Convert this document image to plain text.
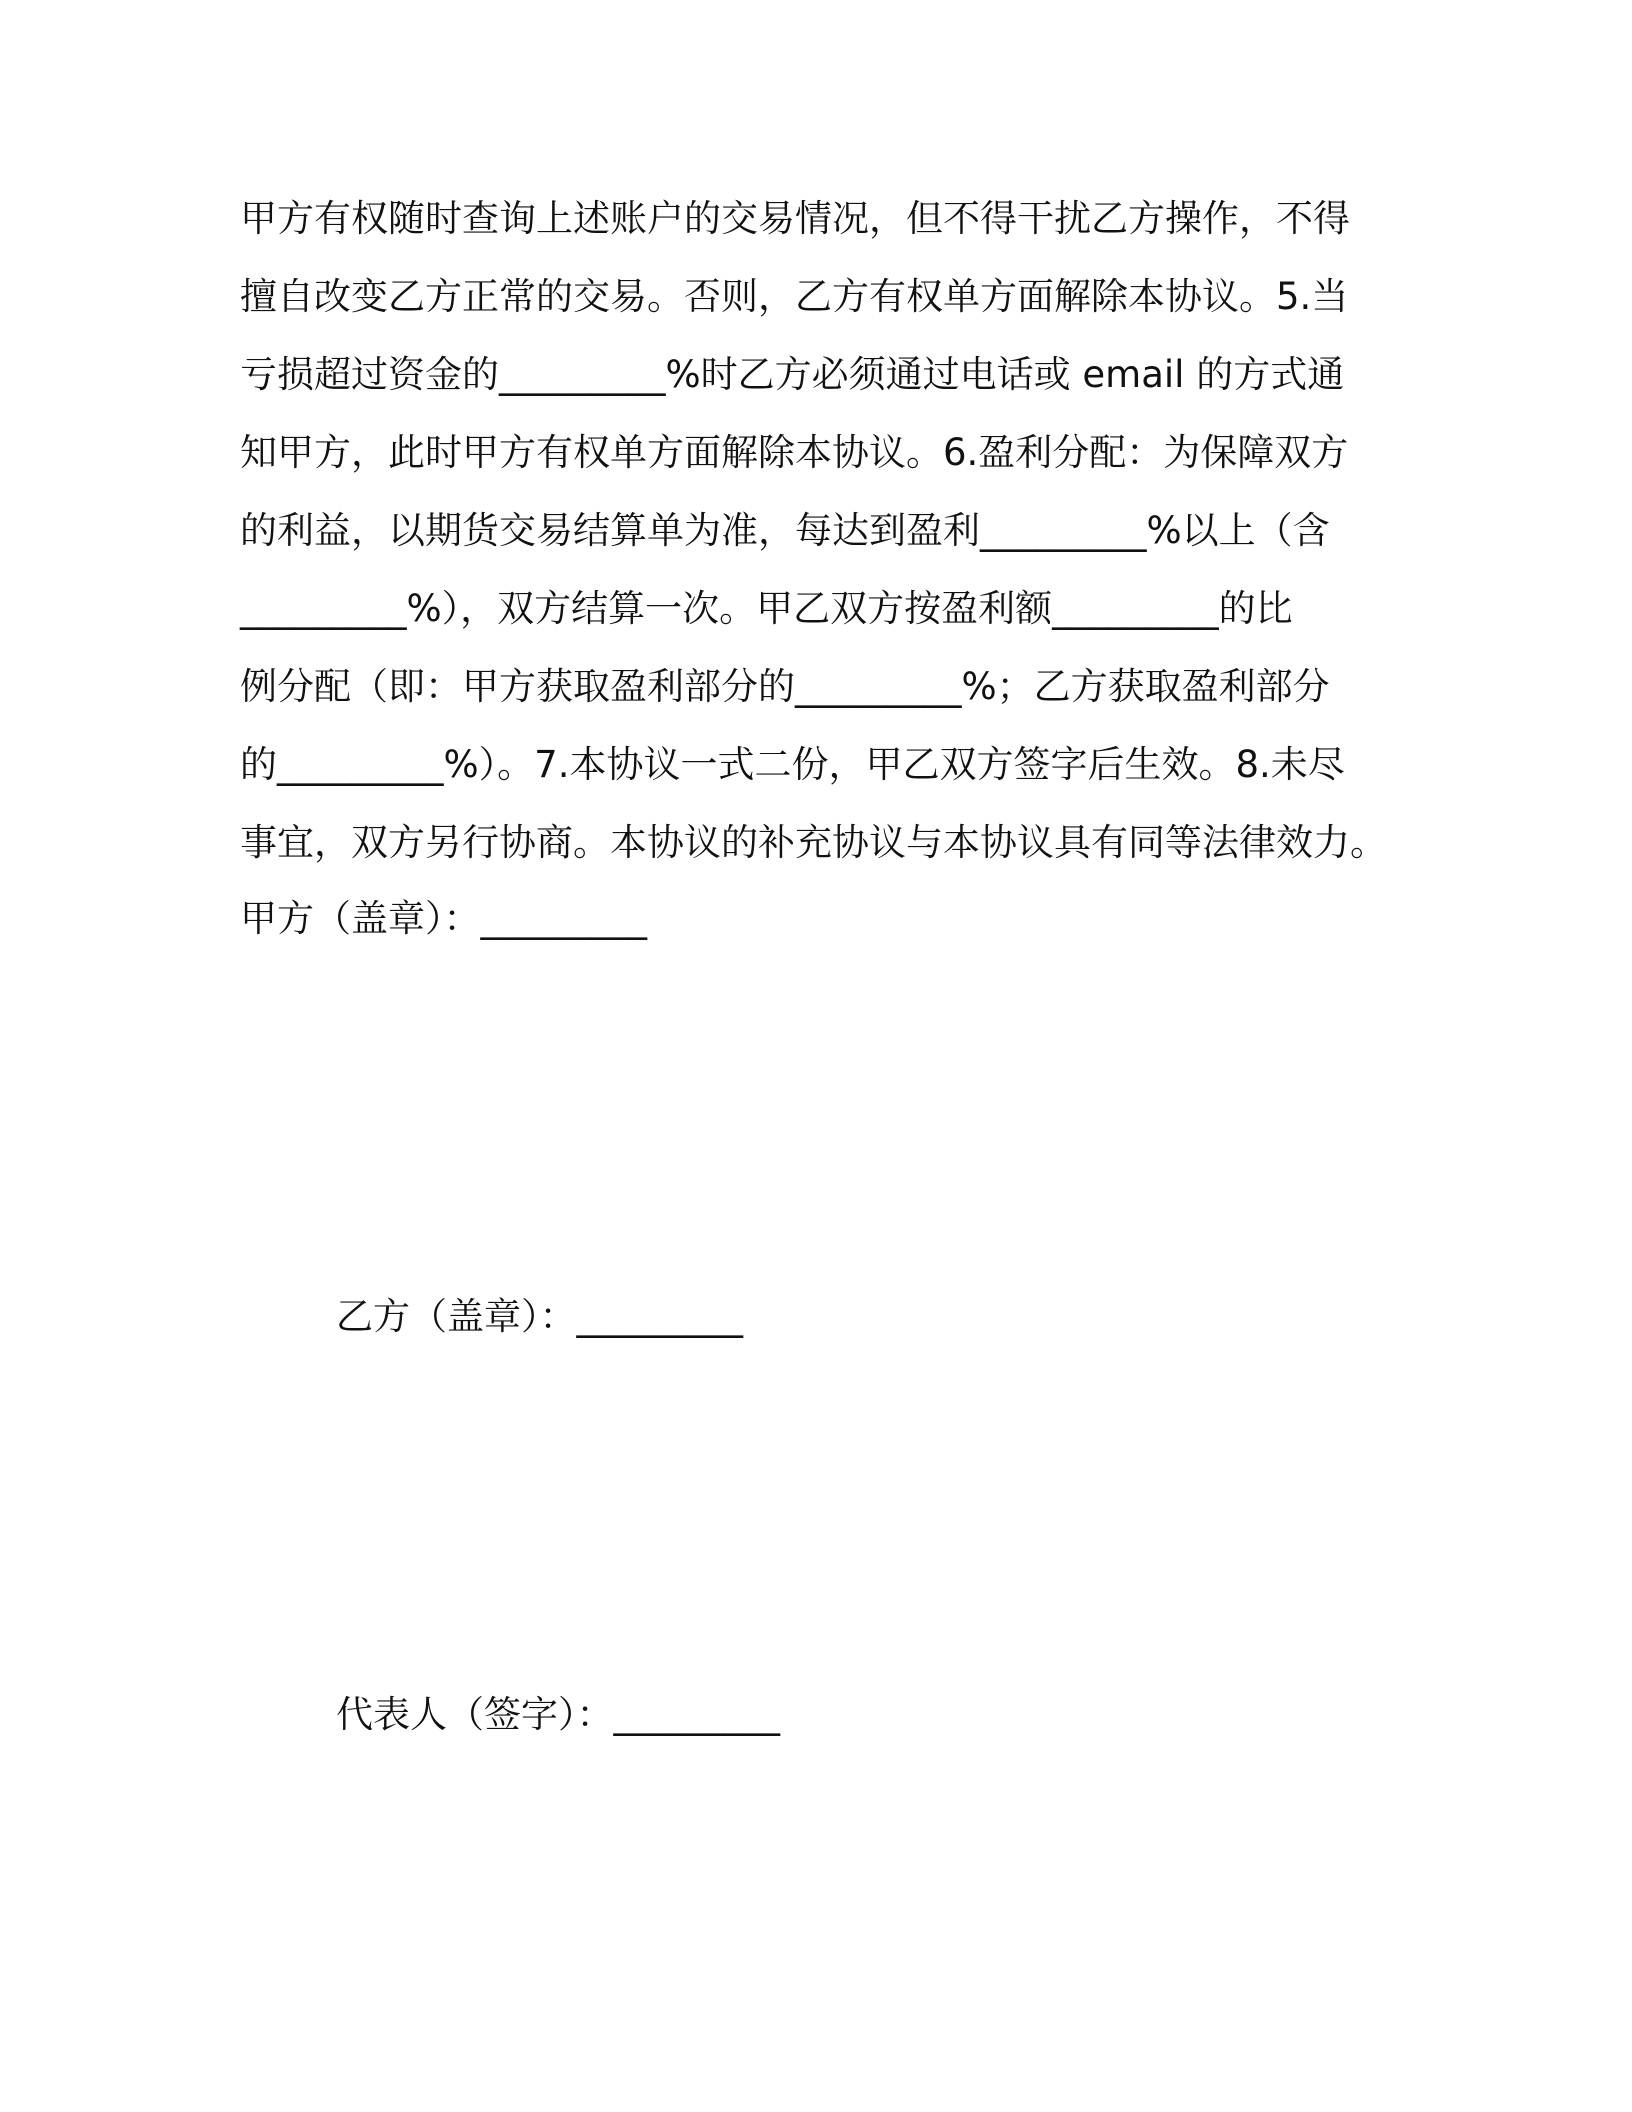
甲方有权随时查询上述账户的交易情况，但不得干扰乙方操作，不得
擅自改变乙方正常的交易。否则，乙方有权单方面解除本协议。5.当
亏损超过资金的_________%时乙方必须通过电话或 email 的方式通
知甲方，此时甲方有权单方面解除本协议。6.盈利分配：为保障双方
的利益，以期货交易结算单为准，每达到盈利_________%以上（含
_________%），双方结算一次。甲乙双方按盈利额_________的比
例分配（即：甲方获取盈利部分的_________%；乙方获取盈利部分
的_________%）。7.本协议一式二份，甲乙双方签字后生效。8.未尽
事宜，双方另行协商。本协议的补充协议与本协议具有同等法律效力。
甲方（盖章）：_________
乙方（盖章）：_________
代表人（签字）：_________
